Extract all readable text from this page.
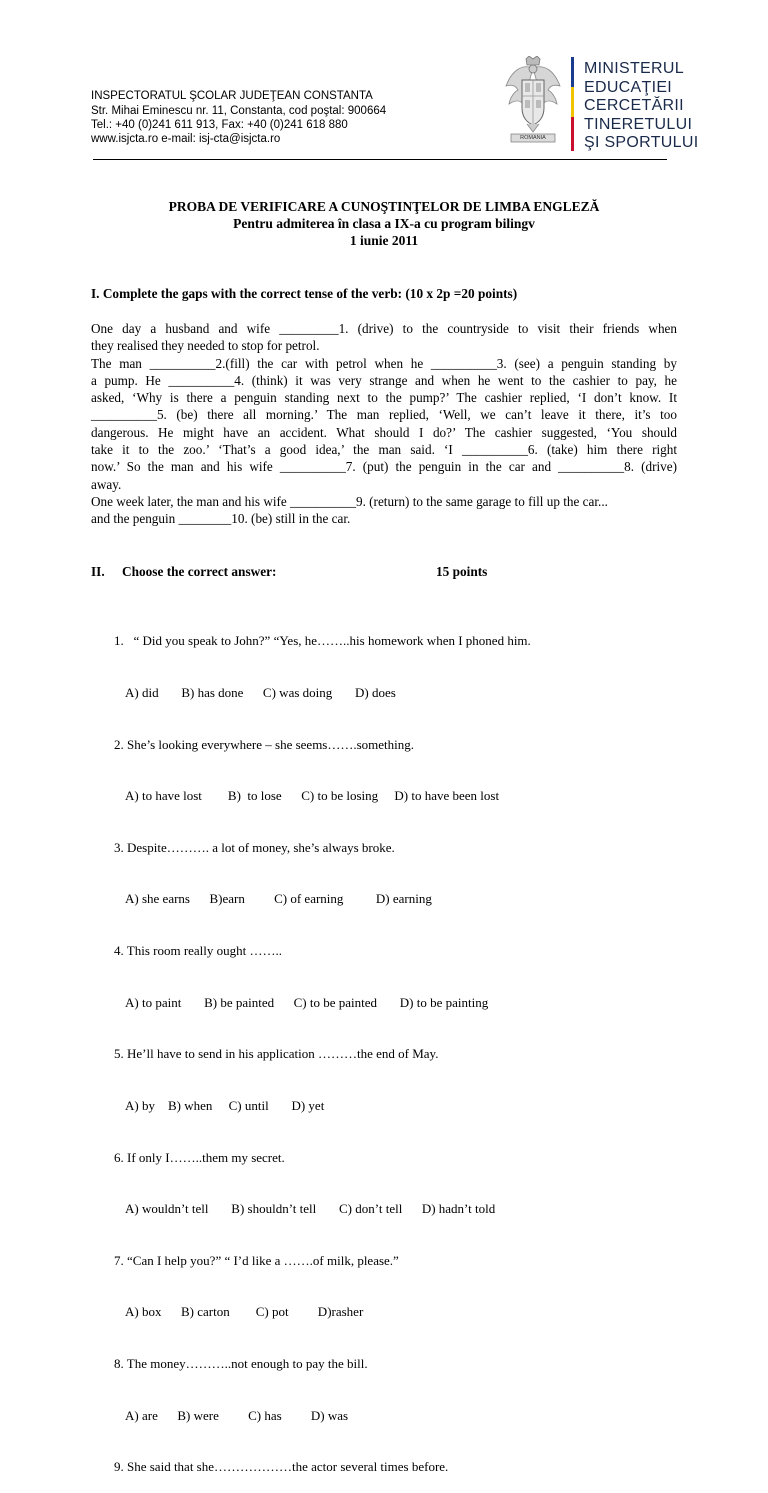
INSPECTORATUL ŞCOLAR JUDEŢEAN CONSTANTA
Str. Mihai Eminescu nr. 11, Constanta, cod poştal: 900664
Tel.: +40 (0)241 611 913, Fax: +40 (0)241 618 880
www.isjcta.ro e-mail: isj-cta@isjcta.ro	ROMANIA
MINISTERUL
EDUCAŢIEI
CERCETĂRII
TINERETULUI
ŞI SPORTULUI
PROBA DE VERIFICARE A CUNOŞTINŢELOR DE LIMBA ENGLEZĂ
Pentru admiterea în clasa a IX-a cu program bilingv
1 iunie 2011
I. Complete the gaps with the correct tense of the verb: (10 x 2p =20 points)
One day a husband and wife _________1. (drive) to the countryside to visit their friends when
they realised they needed to stop for petrol.
The man __________2.(fill) the car with petrol when he __________3. (see) a penguin standing by
a pump. He __________4. (think) it was very strange and when he went to the cashier to pay, he
asked, ‘Why is there a penguin standing next to the pump?’ The cashier replied, ‘I don’t know. It
__________5. (be) there all morning.’ The man replied, ‘Well, we can’t leave it there, it’s too
dangerous. He might have an accident. What should I do?’ The cashier suggested, ‘You should
take it to the zoo.’ ‘That’s a good idea,’ the man said. ‘I __________6. (take) him there right
now.’ So the man and his wife __________7. (put) the penguin in the car and __________8. (drive)
away.
One week later, the man and his wife __________9. (return) to the same garage to fill up the car...
and the penguin ________10. (be) still in the car.
II. Choose the correct answer:	15 points

1.   “ Did you speak to John?” “Yes, he……..his homework when I phoned him.

A) did       B) has done      C) was doing       D) does

2. She’s looking everywhere – she seems…….something.

A) to have lost        B)  to lose      C) to be losing     D) to have been lost

3. Despite………. a lot of money, she’s always broke.

A) she earns      B)earn         C) of earning          D) earning

4. This room really ought ……..

A) to paint       B) be painted      C) to be painted       D) to be painting

5. He’ll have to send in his application ………the end of May.

A) by    B) when     C) until       D) yet

6. If only I……..them my secret.

A) wouldn’t tell       B) shouldn’t tell       C) don’t tell      D) hadn’t told

7. “Can I help you?” “ I’d like a …….of milk, please.”

A) box      B) carton        C) pot         D)rasher

8. The money………..not enough to pay the bill.

A) are      B) were         C) has         D) was

9. She said that she………………the actor several times before.
